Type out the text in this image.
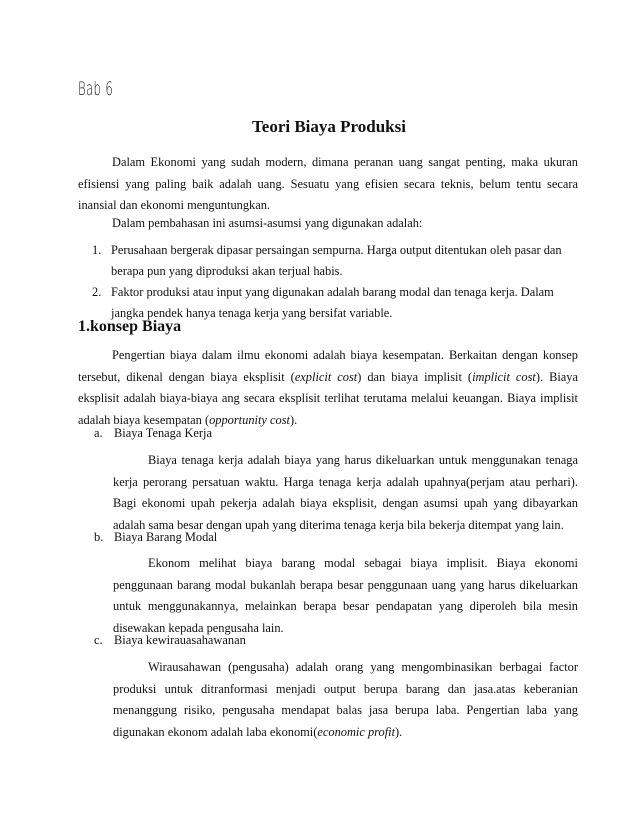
Bab 6
Teori Biaya Produksi

Dalam Ekonomi yang sudah modern, dimana peranan uang sangat penting, maka ukuran efisiensi yang paling baik adalah uang. Sesuatu yang efisien secara teknis, belum tentu secara inansial dan ekonomi menguntungkan.

Dalam pembahasan ini asumsi-asumsi yang digunakan adalah:

1. Perusahaan bergerak dipasar persaingan sempurna. Harga output ditentukan oleh pasar dan berapa pun yang diproduksi akan terjual habis.
2. Faktor produksi atau input yang digunakan adalah barang modal dan tenaga kerja. Dalam jangka pendek hanya tenaga kerja yang bersifat variable.
1.konsep Biaya

Pengertian biaya dalam ilmu ekonomi adalah biaya kesempatan. Berkaitan dengan konsep tersebut, dikenal dengan biaya eksplisit (explicit cost) dan biaya implisit (implicit cost). Biaya eksplisit adalah biaya-biaya ang secara eksplisit terlihat terutama melalui keuangan. Biaya implisit adalah biaya kesempatan (opportunity cost).

a. Biaya Tenaga Kerja

Biaya tenaga kerja adalah biaya yang harus dikeluarkan untuk menggunakan tenaga kerja perorang persatuan waktu. Harga tenaga kerja adalah upahnya(perjam atau perhari). Bagi ekonomi upah pekerja adalah biaya eksplisit, dengan asumsi upah yang dibayarkan adalah sama besar dengan upah yang diterima tenaga kerja bila bekerja ditempat yang lain.

b. Biaya Barang Modal

Ekonom melihat biaya barang modal sebagai biaya implisit. Biaya ekonomi penggunaan barang modal bukanlah berapa besar penggunaan uang yang harus dikeluarkan untuk menggunakannya, melainkan berapa besar pendapatan yang diperoleh bila mesin disewakan kepada pengusaha lain.

c. Biaya kewirauasahawanan

Wirausahawan (pengusaha) adalah orang yang mengombinasikan berbagai factor produksi untuk ditranformasi menjadi output berupa barang dan jasa.atas keberanian menanggung risiko, pengusaha mendapat balas jasa berupa laba. Pengertian laba yang digunakan ekonom adalah laba ekonomi(economic profit).
